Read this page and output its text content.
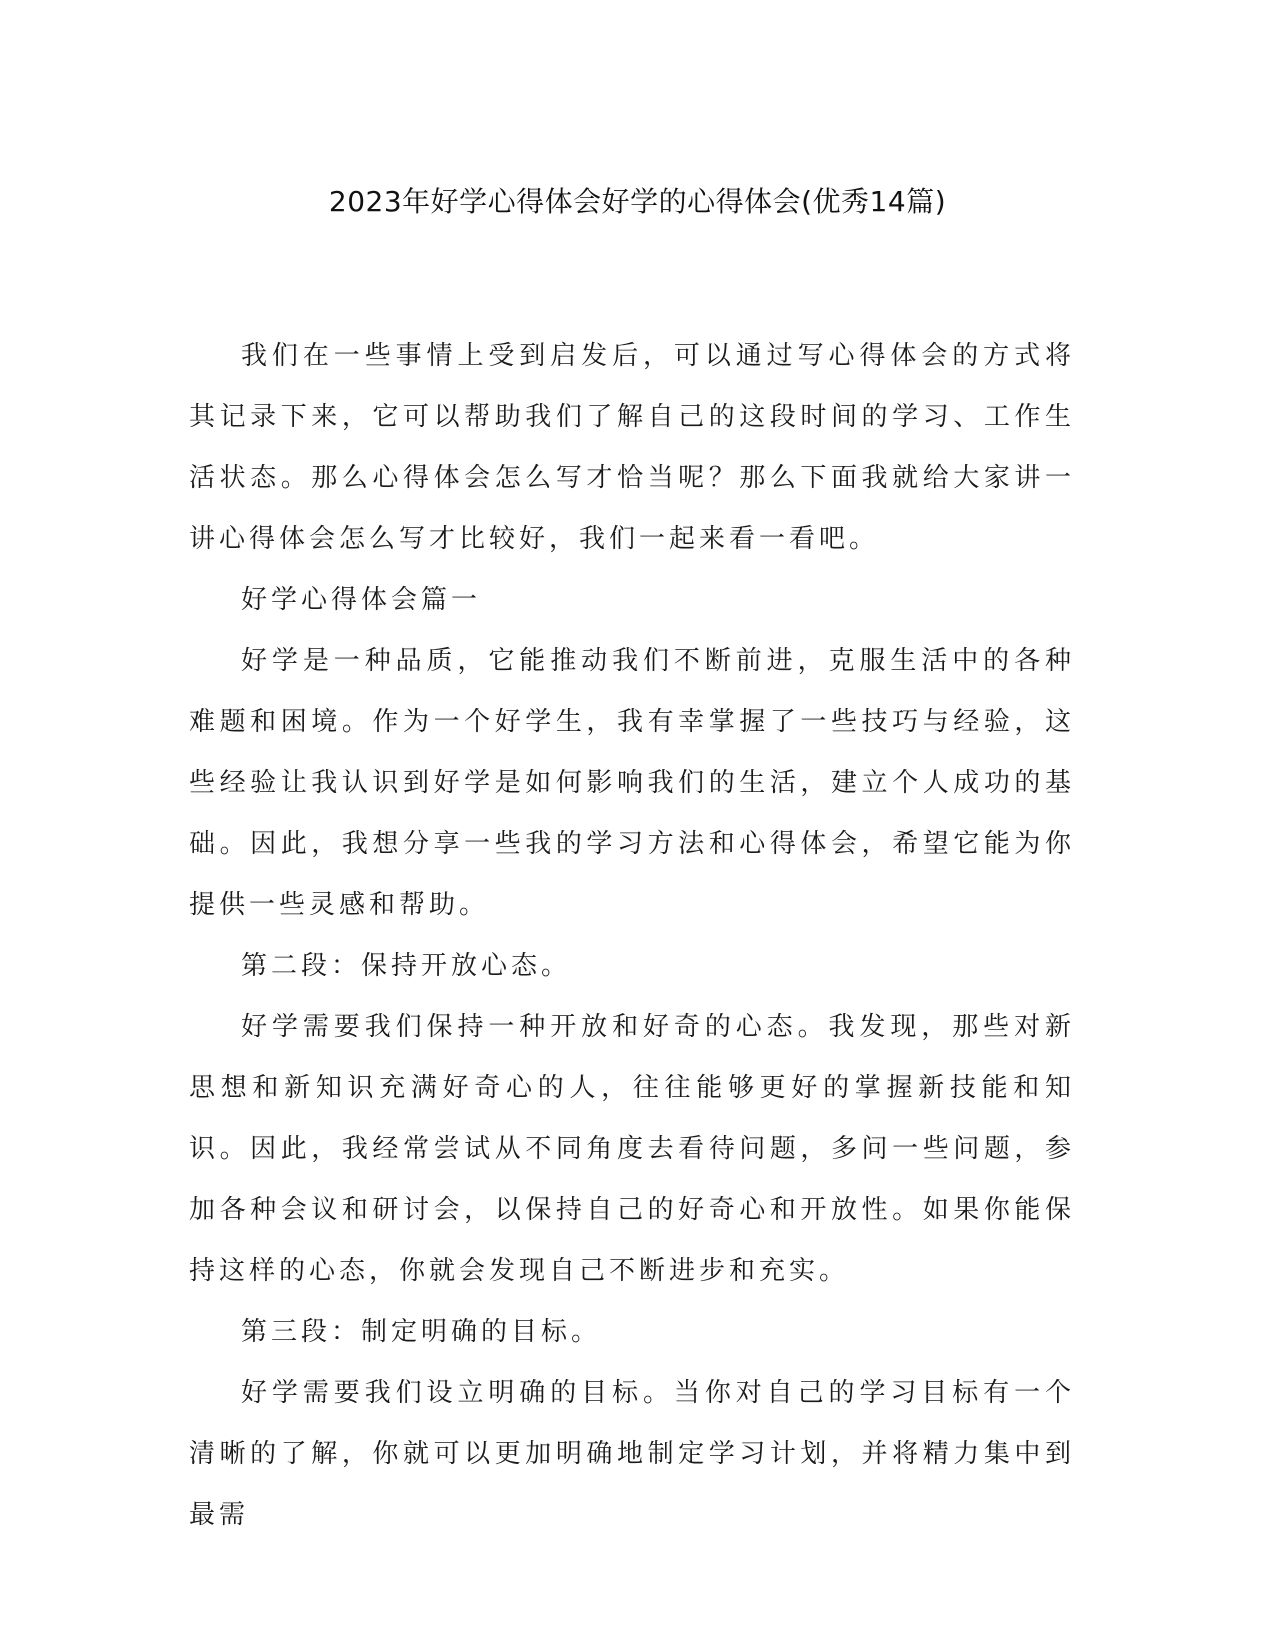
2023年好学心得体会好学的心得体会(优秀14篇)

我们在一些事情上受到启发后，可以通过写心得体会的方式将其记录下来，它可以帮助我们了解自己的这段时间的学习、工作生活状态。那么心得体会怎么写才恰当呢？那么下面我就给大家讲一讲心得体会怎么写才比较好，我们一起来看一看吧。

好学心得体会篇一

好学是一种品质，它能推动我们不断前进，克服生活中的各种难题和困境。作为一个好学生，我有幸掌握了一些技巧与经验，这些经验让我认识到好学是如何影响我们的生活，建立个人成功的基础。因此，我想分享一些我的学习方法和心得体会，希望它能为你提供一些灵感和帮助。

第二段：保持开放心态。

好学需要我们保持一种开放和好奇的心态。我发现，那些对新思想和新知识充满好奇心的人，往往能够更好的掌握新技能和知识。因此，我经常尝试从不同角度去看待问题，多问一些问题，参加各种会议和研讨会，以保持自己的好奇心和开放性。如果你能保持这样的心态，你就会发现自己不断进步和充实。

第三段：制定明确的目标。

好学需要我们设立明确的目标。当你对自己的学习目标有一个清晰的了解，你就可以更加明确地制定学习计划，并将精力集中到最需
